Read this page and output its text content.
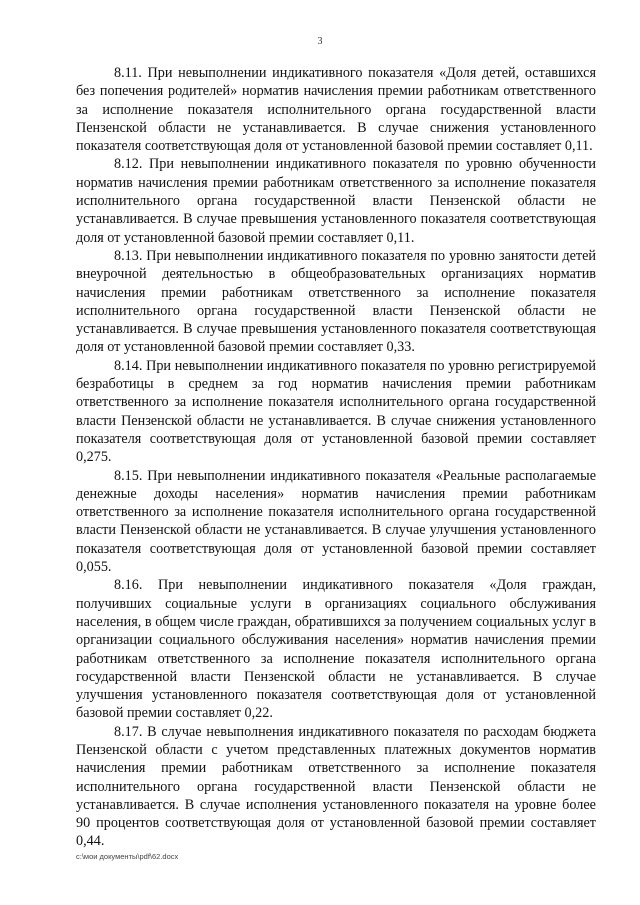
3

8.11. При невыполнении индикативного показателя «Доля детей, оставшихся без попечения родителей» норматив начисления премии работникам ответственного за исполнение показателя исполнительного органа государственной власти Пензенской области не устанавливается. В случае снижения установленного показателя соответствующая доля от установленной базовой премии составляет 0,11.

8.12. При невыполнении индикативного показателя по уровню обученности норматив начисления премии работникам ответственного за исполнение показателя исполнительного органа государственной власти Пензенской области не устанавливается. В случае превышения установленного показателя соответствующая доля от установленной базовой премии составляет 0,11.

8.13. При невыполнении индикативного показателя по уровню занятости детей внеурочной деятельностью в общеобразовательных организациях норматив начисления премии работникам ответственного за исполнение показателя исполнительного органа государственной власти Пензенской области не устанавливается. В случае превышения установленного показателя соответствующая доля от установленной базовой премии составляет 0,33.

8.14. При невыполнении индикативного показателя по уровню регистрируемой безработицы в среднем за год норматив начисления премии работникам ответственного за исполнение показателя исполнительного органа государственной власти Пензенской области не устанавливается. В случае снижения установленного показателя соответствующая доля от установленной базовой премии составляет 0,275.

8.15. При невыполнении индикативного показателя «Реальные располагаемые денежные доходы населения» норматив начисления премии работникам ответственного за исполнение показателя исполнительного органа государственной власти Пензенской области не устанавливается. В случае улучшения установленного показателя соответствующая доля от установленной базовой премии составляет 0,055.

8.16. При невыполнении индикативного показателя «Доля граждан, получивших социальные услуги в организациях социального обслуживания населения, в общем числе граждан, обратившихся за получением социальных услуг в организации социального обслуживания населения» норматив начисления премии работникам ответственного за исполнение показателя исполнительного органа государственной власти Пензенской области не устанавливается. В случае улучшения установленного показателя соответствующая доля от установленной базовой премии составляет 0,22.

8.17. В случае невыполнения индикативного показателя по расходам бюджета Пензенской области с учетом представленных платежных документов норматив начисления премии работникам ответственного за исполнение показателя исполнительного органа государственной власти Пензенской области не устанавливается. В случае исполнения установленного показателя на уровне более 90 процентов соответствующая доля от установленной базовой премии составляет 0,44.

c:\мои документы\pdf\62.docx
